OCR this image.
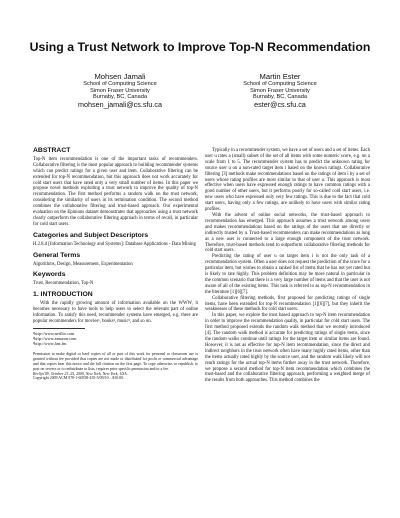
Using a Trust Network to Improve Top-N Recommendation
Mohsen Jamali
School of Computing Science
Simon Fraser University
Burnaby, BC, Canada
mohsen_jamali@cs.sfu.ca
Martin Ester
School of Computing Science
Simon Fraser University
Burnaby, BC, Canada
ester@cs.sfu.ca
ABSTRACT

Top-N item recommendation is one of the important tasks of recommenders. Collaborative filtering is the most popular approach to building recommender systems which can predict ratings for a given user and item. Collaborative filtering can be extended for top-N recommendation, but this approach does not work accurately for cold start users that have rated only a very small number of items. In this paper we propose novel methods exploiting a trust network to improve the quality of top-N recommendation. The first method performs a random walk on the trust network, considering the similarity of users in its termination condition. The second method combines the collaborative filtering and trust-based approach. Our experimental evaluation on the Epinions dataset demonstrates that approaches using a trust network clearly outperform the collaborative filtering approach in terms of recall, in particular for cold start users.

Categories and Subject Descriptors

H.2.8.d [Information Technology and Systems]: Database Applications - Data Mining

General Terms

Algorithms, Design, Measurement, Experimentation

Keywords

Trust, Recommendation, Top-N

1. INTRODUCTION

With the rapidly growing amount of information available on the WWW, it becomes necessary to have tools to help users to select the relevant part of online information. To satisfy this need, recommender systems have emerged, e.g. there are popular recommenders for movies¹, books², music³, and so on.

¹http://www.netflix.com
²http://www.amazon.com
³http://www.last.fm
Permission to make digital or hard copies of all or part of this work for personal or classroom use is granted without fee provided that copies are not made or distributed for profit or commercial advantage and that copies bear this notice and the full citation on the first page. To copy otherwise, to republish, to post on servers or to redistribute to lists, requires prior specific permission and/or a fee.
RecSys'09, October 23–25, 2009, New York, New York, USA.
Copyright 2009 ACM 978-1-60558-435-5/09/10 ...$10.00.

Typically in a recommender system, we have a set of users and a set of items. Each user u rates a (small) subset of the set of all items with some numeric score, e.g. on a scale from 1 to 5. The recommender system has to predict the unknown rating for source user u on a non-rated target item i based on the known ratings. Collaborative filtering [3] methods make recommendations based on the ratings of item i by a set of users whose rating profiles are most similar to that of user u. This approach is most effective when users have expressed enough ratings to have common ratings with a good number of other users, but it performs poorly for so-called cold start users, i.e. new users who have expressed only very few ratings. This is due to the fact that cold start users, having only a few ratings, are unlikely to have users with similar rating profiles.

With the advent of online social networks, the trust-based approach to recommendation has emerged. This approach assumes a trust network among users and makes recommendations based on the ratings of the users that are directly or indirectly trusted by u. Trust-based recommenders can make recommendations as long as a new user is connected to a large enough component of the trust network. Therefore, trust-based methods tend to outperform collaborative filtering methods for cold start users.

Predicting the rating of user u on target item i is not the only task of a recommendation system. Often a user does not request the prediction of the score for a particular item, but wishes to obtain a ranked list of items that he has not yet rated but is likely to rate highly. This problem definition may be more natural in particular in the common scenario that there is a very large number of items and that the user is not aware of all of the existing items. This task is referred to as top-N recommendation in the literature [1][6][7].

Collaborative filtering methods, first proposed for predicting ratings of single items, have been extended for top-N recommendation [1][6][7], but they inherit the weaknesses of these methods for cold start users.

In this paper, we explore the trust based approach to top-N item recommendation in order to improve the recommendation quality, in particular for cold start users. The first method proposed extends the random walk method that we recently introduced [4]. The random walk method is accurate for predicting ratings of single items, since the random walks continue until ratings for the target item or similar items are found. However, it is not as effective for top-N item recommendation, since the direct and indirect neighbors in the trust network often have many highly rated items, other than the items actually rated highly by the source user, and the random walk likely will not reach ratings for the actual top-N items further away in the trust network. Therefore, we propose a second method for top-N item recommendation which combines the trust-based and the collaborative filtering approach, performing a weighted merge of the results from both approaches. This method combines the
